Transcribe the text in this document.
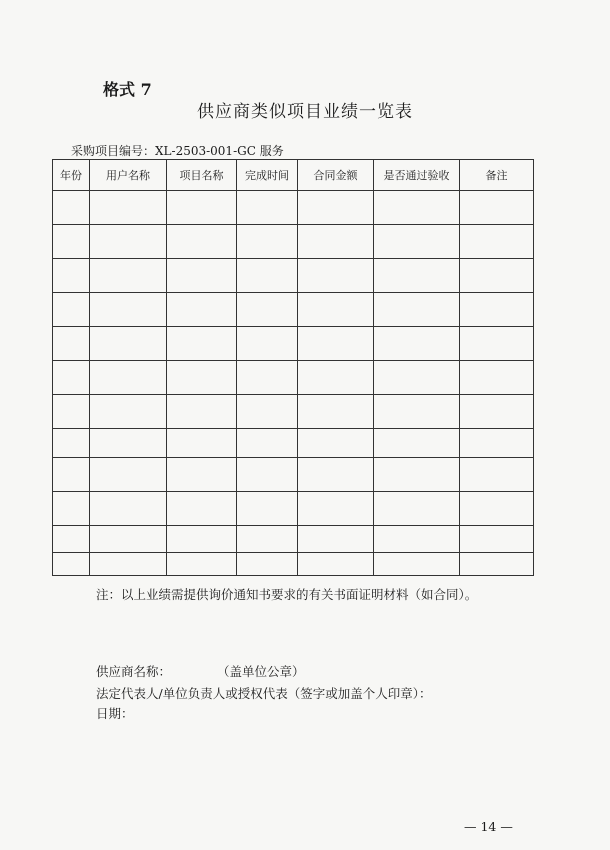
格式 7
供应商类似项目业绩一览表
采购项目编号：XL-2503-001-GC 服务
年份	用户名称	项目名称	完成时间	合同金额	是否通过验收	备注

注：以上业绩需提供询价通知书要求的有关书面证明材料（如合同）。
供应商名称：	（盖单位公章）
法定代表人/单位负责人或授权代表（签字或加盖个人印章）：
日期：
— 14 —
